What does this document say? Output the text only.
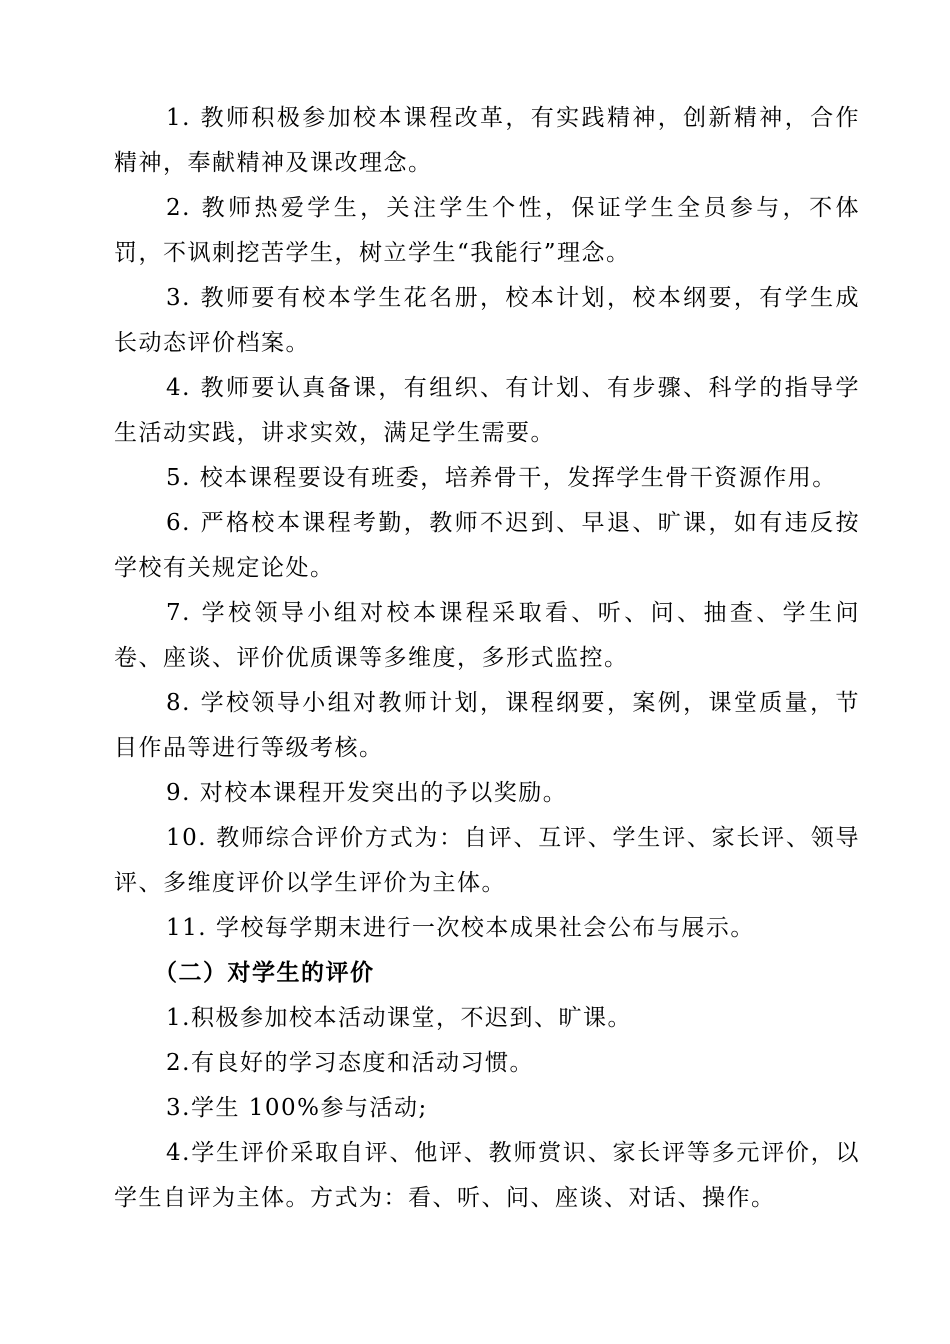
1. 教师积极参加校本课程改革，有实践精神，创新精神，合作精神，奉献精神及课改理念。

2. 教师热爱学生，关注学生个性，保证学生全员参与，不体罚，不讽刺挖苦学生，树立学生“我能行”理念。

3. 教师要有校本学生花名册，校本计划，校本纲要，有学生成长动态评价档案。

4. 教师要认真备课，有组织、有计划、有步骤、科学的指导学生活动实践，讲求实效，满足学生需要。

5. 校本课程要设有班委，培养骨干，发挥学生骨干资源作用。

6. 严格校本课程考勤，教师不迟到、早退、旷课，如有违反按学校有关规定论处。

7. 学校领导小组对校本课程采取看、听、问、抽查、学生问卷、座谈、评价优质课等多维度，多形式监控。

8. 学校领导小组对教师计划，课程纲要，案例，课堂质量，节目作品等进行等级考核。

9. 对校本课程开发突出的予以奖励。

10. 教师综合评价方式为：自评、互评、学生评、家长评、领导评、多维度评价以学生评价为主体。

11. 学校每学期末进行一次校本成果社会公布与展示。

（二）对学生的评价

1.积极参加校本活动课堂，不迟到、旷课。

2.有良好的学习态度和活动习惯。

3.学生 100%参与活动;

4.学生评价采取自评、他评、教师赏识、家长评等多元评价，以学生自评为主体。方式为：看、听、问、座谈、对话、操作。
